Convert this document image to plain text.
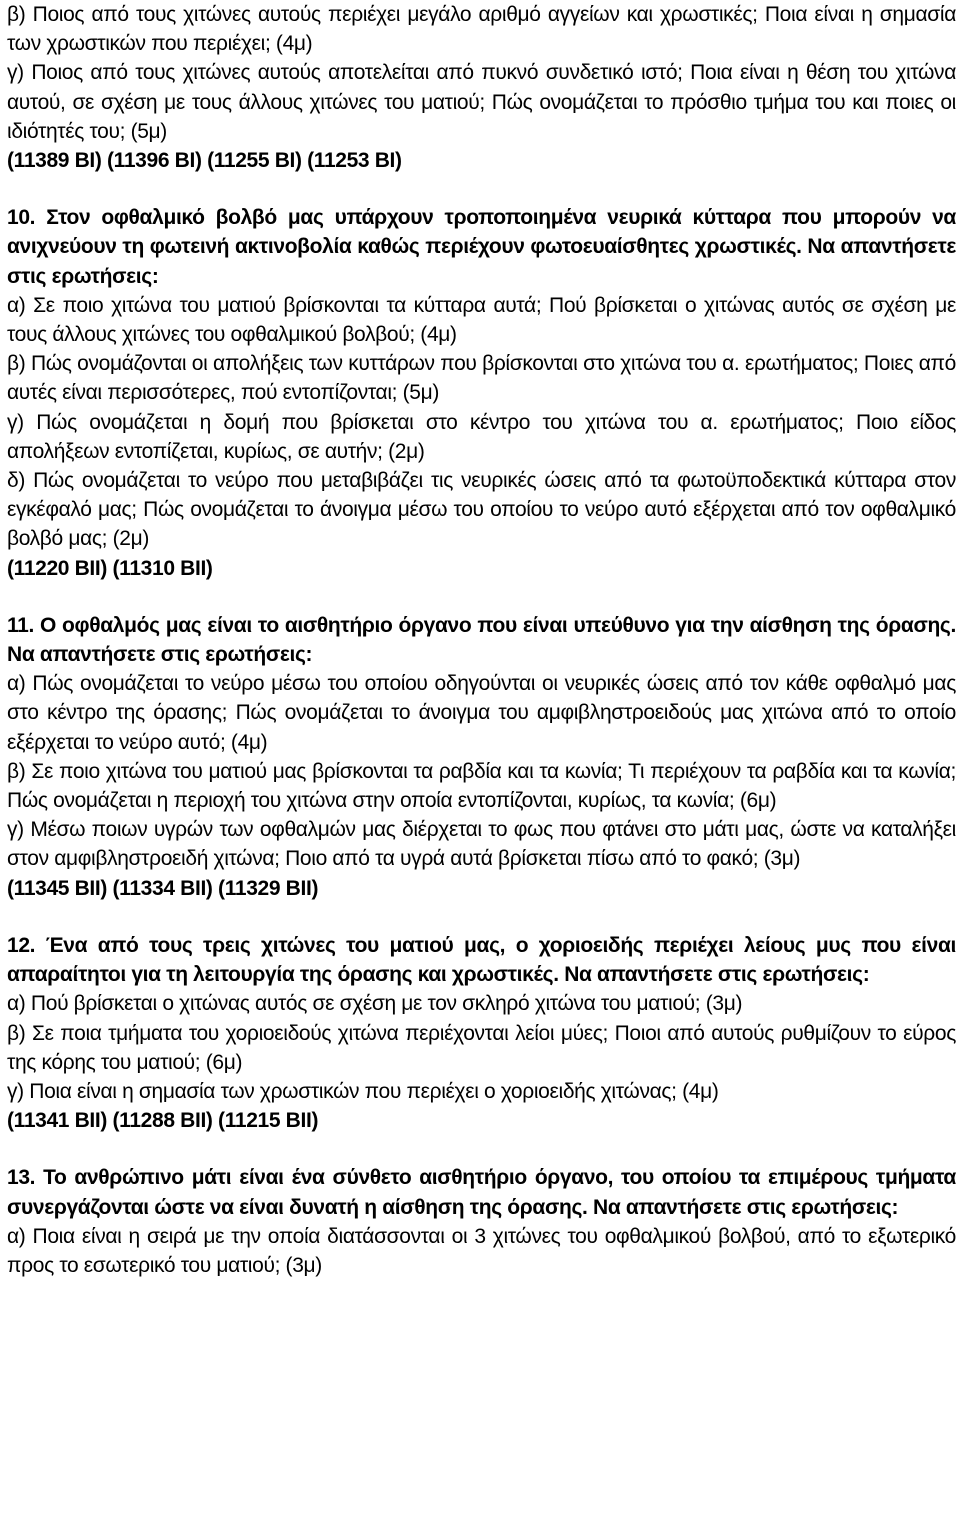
β) Ποιος από τους χιτώνες αυτούς περιέχει μεγάλο αριθμό αγγείων και χρωστικές; Ποια είναι η σημασία των χρωστικών που περιέχει; (4μ)

γ) Ποιος από τους χιτώνες αυτούς αποτελείται από πυκνό συνδετικό ιστό; Ποια είναι η θέση του χιτώνα αυτού, σε σχέση με τους άλλους χιτώνες του ματιού; Πώς ονομάζεται το πρόσθιο τμήμα του και ποιες οι ιδιότητές του; (5μ)

(11389 BI) (11396 BI) (11255 BI) (11253 BI)

10. Στον οφθαλμικό βολβό μας υπάρχουν τροποποιημένα νευρικά κύτταρα που μπορούν να ανιχνεύουν τη φωτεινή ακτινοβολία καθώς περιέχουν φωτοευαίσθητες χρωστικές. Να απαντήσετε στις ερωτήσεις:

α) Σε ποιο χιτώνα του ματιού βρίσκονται τα κύτταρα αυτά; Πού βρίσκεται ο χιτώνας αυτός σε σχέση με τους άλλους χιτώνες του οφθαλμικού βολβού; (4μ)

β) Πώς ονομάζονται οι απολήξεις των κυττάρων που βρίσκονται στο χιτώνα του α. ερωτήματος; Ποιες από αυτές είναι περισσότερες, πού εντοπίζονται; (5μ)

γ) Πώς ονομάζεται η δομή που βρίσκεται στο κέντρο του χιτώνα του α. ερωτήματος; Ποιο είδος απολήξεων εντοπίζεται, κυρίως, σε αυτήν; (2μ)

δ) Πώς ονομάζεται το νεύρο που μεταβιβάζει τις νευρικές ώσεις από τα φωτοϋποδεκτικά κύτταρα στον εγκέφαλό μας; Πώς ονομάζεται το άνοιγμα μέσω του οποίου το νεύρο αυτό εξέρχεται από τον οφθαλμικό βολβό μας; (2μ)

(11220 BII) (11310 BII)

11. Ο οφθαλμός μας είναι το αισθητήριο όργανο που είναι υπεύθυνο για την αίσθηση της όρασης. Να απαντήσετε στις ερωτήσεις:

α) Πώς ονομάζεται το νεύρο μέσω του οποίου οδηγούνται οι νευρικές ώσεις από τον κάθε οφθαλμό μας στο κέντρο της όρασης; Πώς ονομάζεται το άνοιγμα του αμφιβληστροειδούς μας χιτώνα από το οποίο εξέρχεται το νεύρο αυτό; (4μ)

β) Σε ποιο χιτώνα του ματιού μας βρίσκονται τα ραβδία και τα κωνία; Τι περιέχουν τα ραβδία και τα κωνία; Πώς ονομάζεται η περιοχή του χιτώνα στην οποία εντοπίζονται, κυρίως, τα κωνία; (6μ)

γ) Μέσω ποιων υγρών των οφθαλμών μας διέρχεται το φως που φτάνει στο μάτι μας, ώστε να καταλήξει στον αμφιβληστροειδή χιτώνα; Ποιο από τα υγρά αυτά βρίσκεται πίσω από το φακό; (3μ)

(11345 BII) (11334 BII) (11329 BII)

12. Ένα από τους τρεις χιτώνες του ματιού μας, ο χοριοειδής περιέχει λείους μυς που είναι απαραίτητοι για τη λειτουργία της όρασης και χρωστικές. Να απαντήσετε στις ερωτήσεις:

α) Πού βρίσκεται ο χιτώνας αυτός σε σχέση με τον σκληρό χιτώνα του ματιού; (3μ)

β) Σε ποια τμήματα του χοριοειδούς χιτώνα περιέχονται λείοι μύες; Ποιοι από αυτούς ρυθμίζουν το εύρος της κόρης του ματιού; (6μ)

γ) Ποια είναι η σημασία των χρωστικών που περιέχει ο χοριοειδής χιτώνας; (4μ)

(11341 BII) (11288 BII) (11215 BII)

13. Το ανθρώπινο μάτι είναι ένα σύνθετο αισθητήριο όργανο, του οποίου τα επιμέρους τμήματα συνεργάζονται ώστε να είναι δυνατή η αίσθηση της όρασης. Να απαντήσετε στις ερωτήσεις:

α) Ποια είναι η σειρά με την οποία διατάσσονται οι 3 χιτώνες του οφθαλμικού βολβού, από το εξωτερικό προς το εσωτερικό του ματιού; (3μ)
